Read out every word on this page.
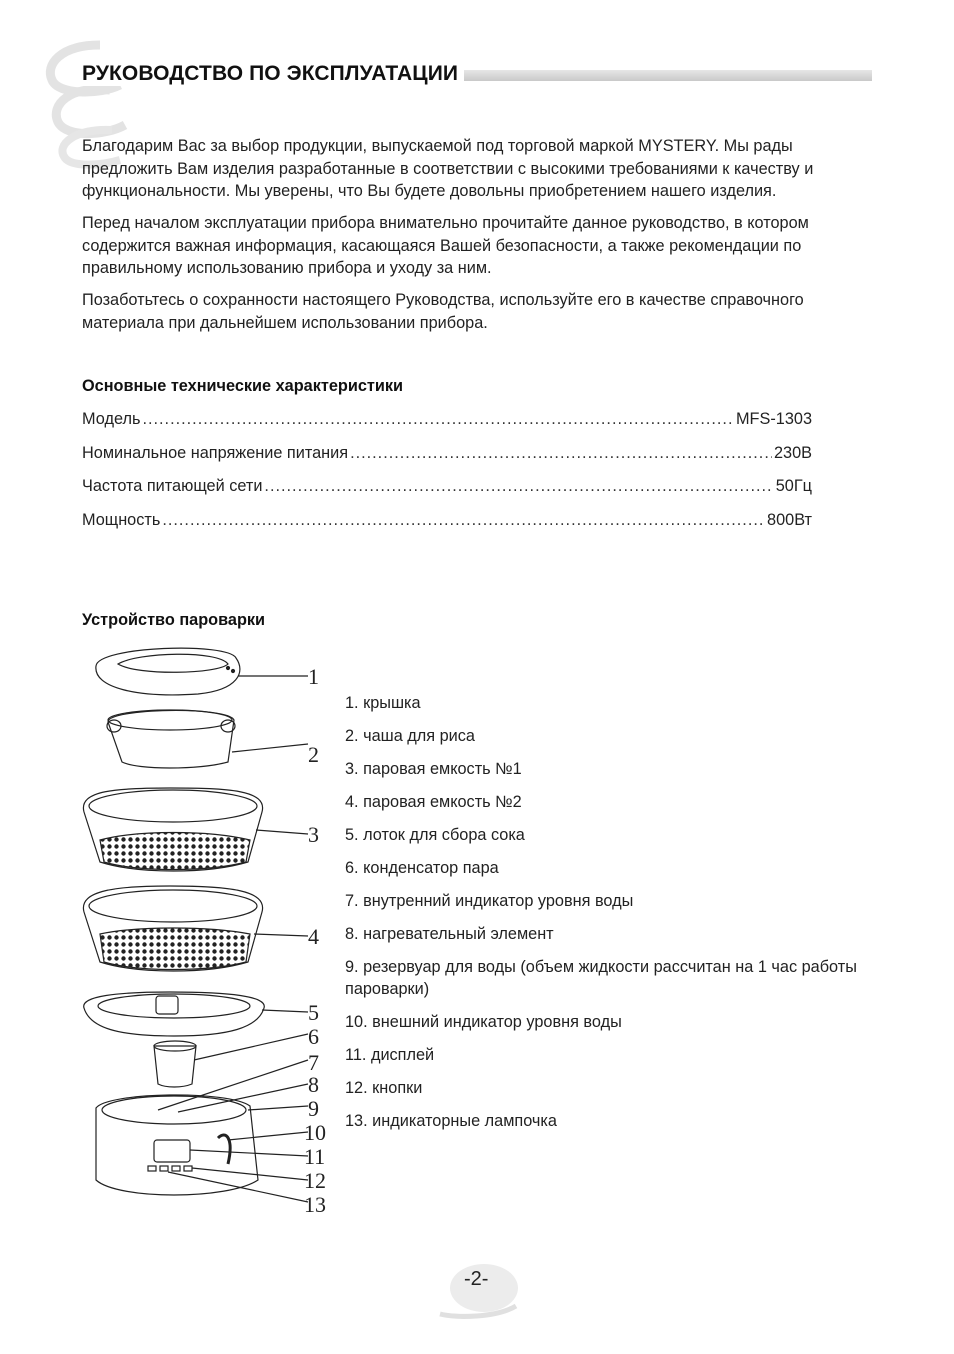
РУКОВОДСТВО ПО ЭКСПЛУАТАЦИИ

Благодарим Вас за выбор продукции, выпускаемой под торговой маркой MYSTERY. Мы рады предложить Вам изделия разработанные в соответствии с высокими требованиями к качеству и функциональности. Мы уверены, что Вы будете довольны приобретением нашего изделия.

Перед началом эксплуатации прибора внимательно прочитайте данное руководство, в котором содержится важная информация, касающаяся Вашей безопасности, а также рекомендации по правильному использованию прибора и уходу за ним.

Позаботьтесь о сохранности настоящего Руководства, используйте его в качестве справочного материала при дальнейшем использовании прибора.

Основные технические характеристики
Модель .....	MFS-1303
Номинальное напряжение питания .....	230В
Частота питающей сети .....	50Гц
Мощность .....	800Вт
Устройство пароварки
1
2
3
4
5
6
7
8
9
10
11
12
13
1. крышка
2. чаша для риса
3. паровая емкость №1
4. паровая емкость №2
5. лоток для сбора сока
6. конденсатор пара
7. внутренний индикатор уровня воды
8. нагревательный элемент
9. резервуар для воды (объем жидкости рассчитан на 1 час работы пароварки)
10. внешний индикатор уровня воды
11. дисплей
12. кнопки
13. индикаторные лампочка
-2-
